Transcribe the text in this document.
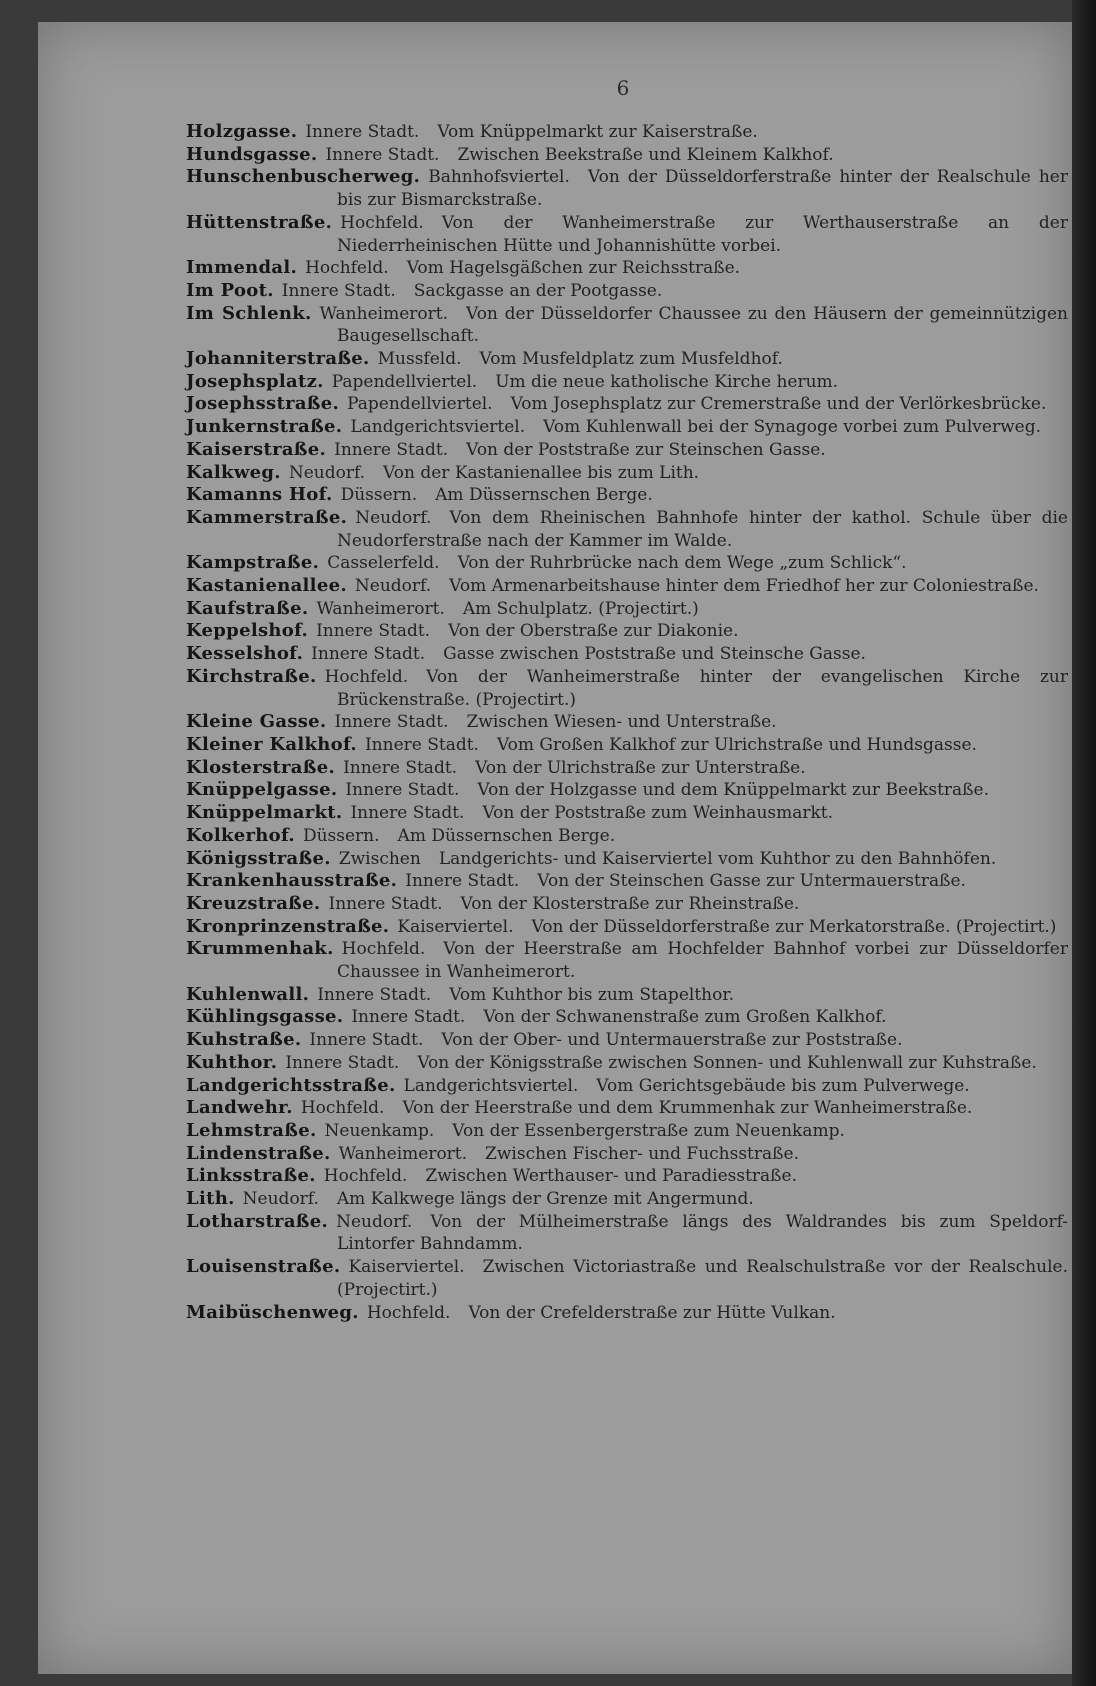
6

Holzgasse. Innere Stadt. Vom Knüppelmarkt zur Kaiserstraße.

Hundsgasse. Innere Stadt. Zwischen Beekstraße und Kleinem Kalkhof.

Hunschenbuscherweg. Bahnhofsviertel. Von der Düsseldorferstraße hinter der Realschule her bis zur Bismarckstraße.

Hüttenstraße. Hochfeld. Von der Wanheimerstraße zur Werthauserstraße an der Niederrheinischen Hütte und Johannishütte vorbei.

Immendal. Hochfeld. Vom Hagelsgäßchen zur Reichsstraße.

Im Poot. Innere Stadt. Sackgasse an der Pootgasse.

Im Schlenk. Wanheimerort. Von der Düsseldorfer Chaussee zu den Häusern der gemeinnützigen Baugesellschaft.

Johanniterstraße. Mussfeld. Vom Musfeldplatz zum Musfeldhof.

Josephsplatz. Papendellviertel. Um die neue katholische Kirche herum.

Josephsstraße. Papendellviertel. Vom Josephsplatz zur Cremerstraße und der Verlörkesbrücke.

Junkernstraße. Landgerichtsviertel. Vom Kuhlenwall bei der Synagoge vorbei zum Pulverweg.

Kaiserstraße. Innere Stadt. Von der Poststraße zur Steinschen Gasse.

Kalkweg. Neudorf. Von der Kastanienallee bis zum Lith.

Kamanns Hof. Düssern. Am Düssernschen Berge.

Kammerstraße. Neudorf. Von dem Rheinischen Bahnhofe hinter der kathol. Schule über die Neudorferstraße nach der Kammer im Walde.

Kampstraße. Casselerfeld. Von der Ruhrbrücke nach dem Wege „zum Schlick“.

Kastanienallee. Neudorf. Vom Armenarbeitshause hinter dem Friedhof her zur Coloniestraße.

Kaufstraße. Wanheimerort. Am Schulplatz. (Projectirt.)

Keppelshof. Innere Stadt. Von der Oberstraße zur Diakonie.

Kesselshof. Innere Stadt. Gasse zwischen Poststraße und Steinsche Gasse.

Kirchstraße. Hochfeld. Von der Wanheimerstraße hinter der evangelischen Kirche zur Brückenstraße. (Projectirt.)

Kleine Gasse. Innere Stadt. Zwischen Wiesen- und Unterstraße.

Kleiner Kalkhof. Innere Stadt. Vom Großen Kalkhof zur Ulrichstraße und Hundsgasse.

Klosterstraße. Innere Stadt. Von der Ulrichstraße zur Unterstraße.

Knüppelgasse. Innere Stadt. Von der Holzgasse und dem Knüppelmarkt zur Beekstraße.

Knüppelmarkt. Innere Stadt. Von der Poststraße zum Weinhausmarkt.

Kolkerhof. Düssern. Am Düssernschen Berge.

Königsstraße. Zwischen Landgerichts- und Kaiserviertel vom Kuhthor zu den Bahnhöfen.

Krankenhausstraße. Innere Stadt. Von der Steinschen Gasse zur Untermauerstraße.

Kreuzstraße. Innere Stadt. Von der Klosterstraße zur Rheinstraße.

Kronprinzenstraße. Kaiserviertel. Von der Düsseldorferstraße zur Merkatorstraße. (Projectirt.)

Krummenhak. Hochfeld. Von der Heerstraße am Hochfelder Bahnhof vorbei zur Düsseldorfer Chaussee in Wanheimerort.

Kuhlenwall. Innere Stadt. Vom Kuhthor bis zum Stapelthor.

Kühlingsgasse. Innere Stadt. Von der Schwanenstraße zum Großen Kalkhof.

Kuhstraße. Innere Stadt. Von der Ober- und Untermauerstraße zur Poststraße.

Kuhthor. Innere Stadt. Von der Königsstraße zwischen Sonnen- und Kuhlenwall zur Kuhstraße.

Landgerichtsstraße. Landgerichtsviertel. Vom Gerichtsgebäude bis zum Pulverwege.

Landwehr. Hochfeld. Von der Heerstraße und dem Krummenhak zur Wanheimerstraße.

Lehmstraße. Neuenkamp. Von der Essenbergerstraße zum Neuenkamp.

Lindenstraße. Wanheimerort. Zwischen Fischer- und Fuchsstraße.

Linksstraße. Hochfeld. Zwischen Werthauser- und Paradiesstraße.

Lith. Neudorf. Am Kalkwege längs der Grenze mit Angermund.

Lotharstraße. Neudorf. Von der Mülheimerstraße längs des Waldrandes bis zum Speldorf-Lintorfer Bahndamm.

Louisenstraße. Kaiserviertel. Zwischen Victoriastraße und Realschulstraße vor der Realschule. (Projectirt.)

Maibüschenweg. Hochfeld. Von der Crefelderstraße zur Hütte Vulkan.
